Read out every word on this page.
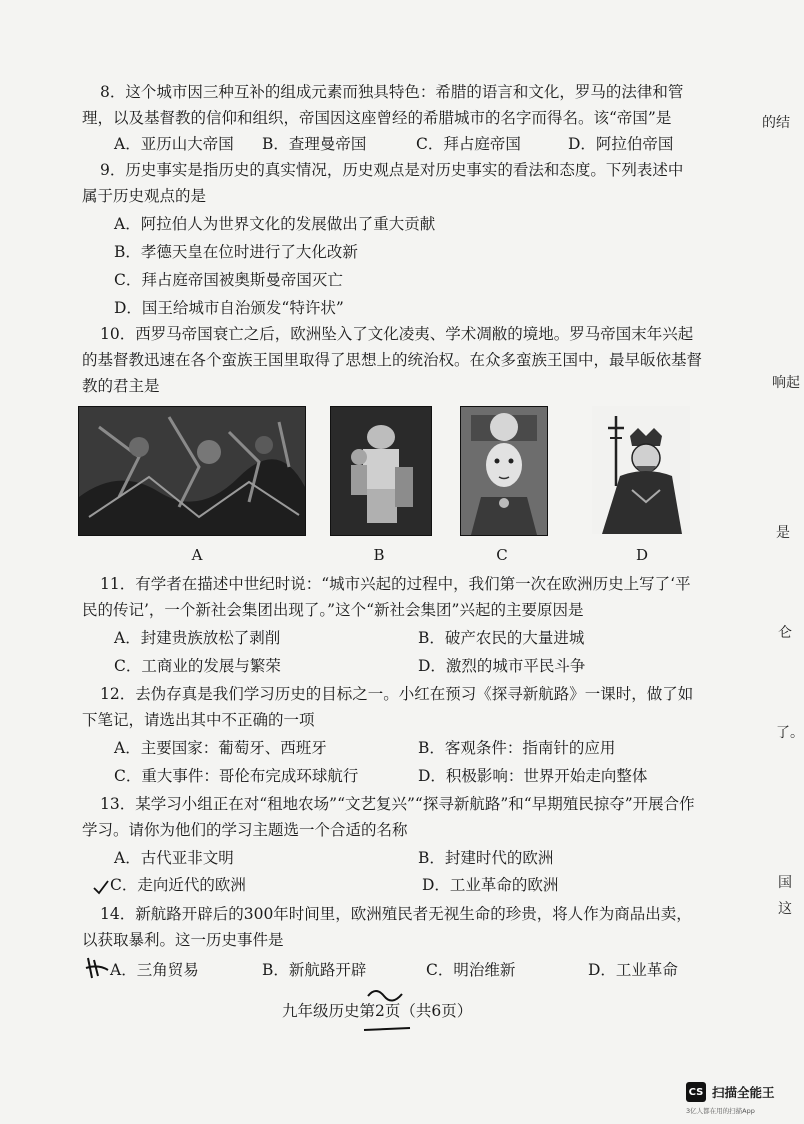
8．这个城市因三种互补的组成元素而独具特色：希腊的语言和文化，罗马的法律和管
理，以及基督教的信仰和组织，帝国因这座曾经的希腊城市的名字而得名。该“帝国”是
A．亚历山大帝国 B．查理曼帝国	C．拜占庭帝国	D．阿拉伯帝国
9．历史事实是指历史的真实情况，历史观点是对历史事实的看法和态度。下列表述中
属于历史观点的是
A．阿拉伯人为世界文化的发展做出了重大贡献
B．孝德天皇在位时进行了大化改新
C．拜占庭帝国被奥斯曼帝国灭亡
D．国王给城市自治颁发“特许状”
10．西罗马帝国衰亡之后，欧洲坠入了文化凌夷、学术凋敝的境地。罗马帝国末年兴起
的基督教迅速在各个蛮族王国里取得了思想上的统治权。在众多蛮族王国中，最早皈依基督
教的君主是
A	B	C	D
11．有学者在描述中世纪时说：“城市兴起的过程中，我们第一次在欧洲历史上写了‘平
民的传记’，一个新社会集团出现了。”这个“新社会集团”兴起的主要原因是
A．封建贵族放松了剥削	B．破产农民的大量进城
C．工商业的发展与繁荣	D．激烈的城市平民斗争
12．去伪存真是我们学习历史的目标之一。小红在预习《探寻新航路》一课时，做了如
下笔记，请选出其中不正确的一项
A．主要国家：葡萄牙、西班牙	B．客观条件：指南针的应用
C．重大事件：哥伦布完成环球航行	D．积极影响：世界开始走向整体
13．某学习小组正在对“租地农场”“文艺复兴”“探寻新航路”和“早期殖民掠夺”开展合作
学习。请你为他们的学习主题选一个合适的名称
A．古代亚非文明	B．封建时代的欧洲
C．走向近代的欧洲	D．工业革命的欧洲
14．新航路开辟后的300年时间里，欧洲殖民者无视生命的珍贵，将人作为商品出卖，
以获取暴利。这一历史事件是
A．三角贸易	B．新航路开辟	C．明治维新	D．工业革命
九年级历史第2页（共6页）
的结
响起
是
仑
了。
国
这
CS 扫描全能王
3亿人都在用的扫描App
